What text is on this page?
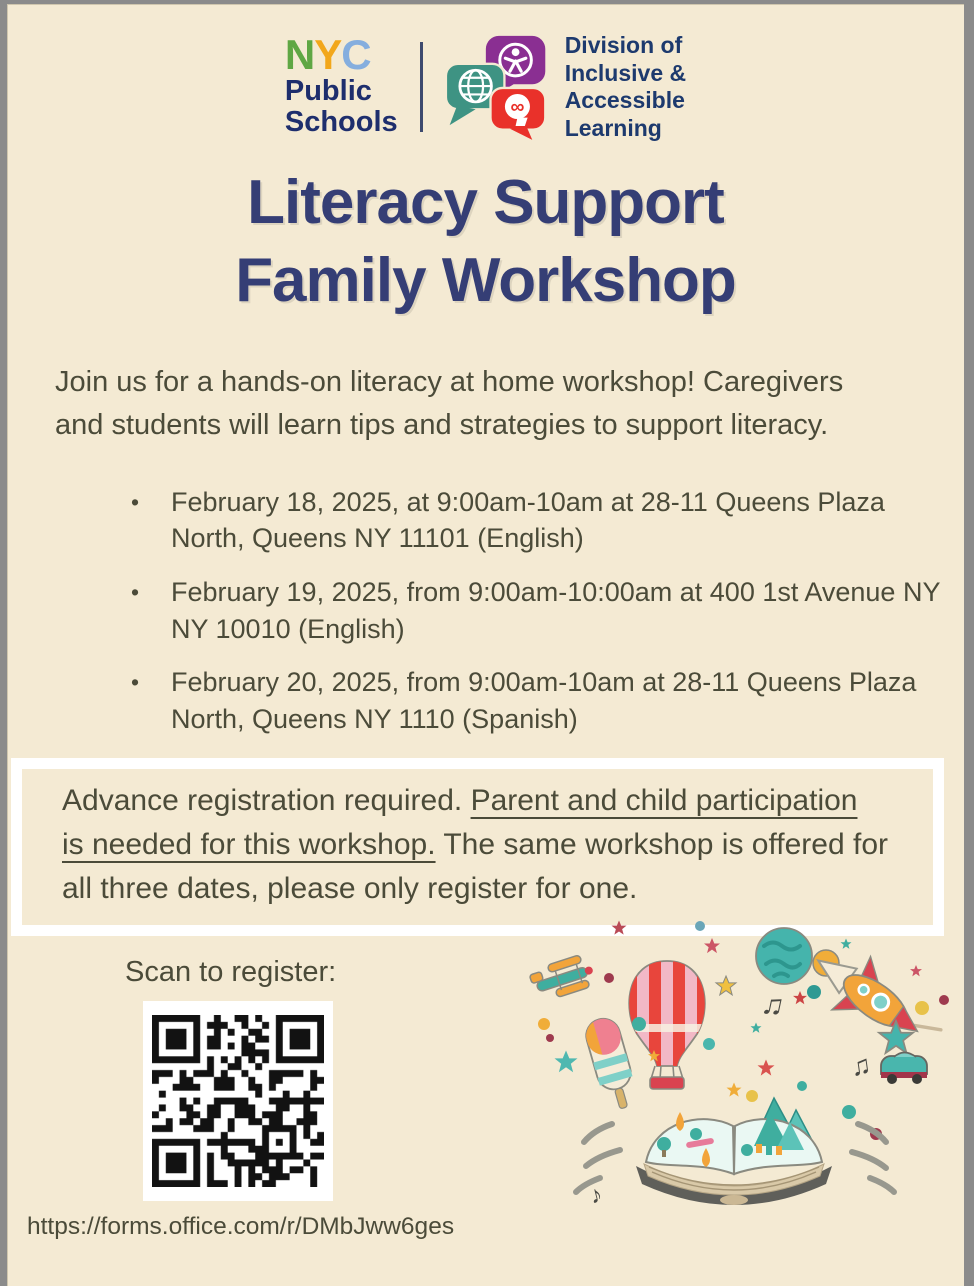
NYC
Public
Schools	∞
Division of
Inclusive &
Accessible
Learning
Literacy Support
Family Workshop
Join us for a hands-on literacy at home workshop! Caregivers
and students will learn tips and strategies to support literacy.
•	February 18, 2025, at 9:00am-10am at 28-11 Queens Plaza
North, Queens NY 11101 (English)
•	February 19, 2025, from 9:00am-10:00am at 400 1st Avenue NY
NY 10010 (English)
•	February 20, 2025, from 9:00am-10am at 28-11 Queens Plaza
North, Queens NY 1110 (Spanish)
Advance registration required. Parent and child participation
is needed for this workshop. The same workshop is offered for
all three dates, please only register for one.
Scan to register:
https://forms.office.com/r/DMbJww6ges
♫
♫
♪
